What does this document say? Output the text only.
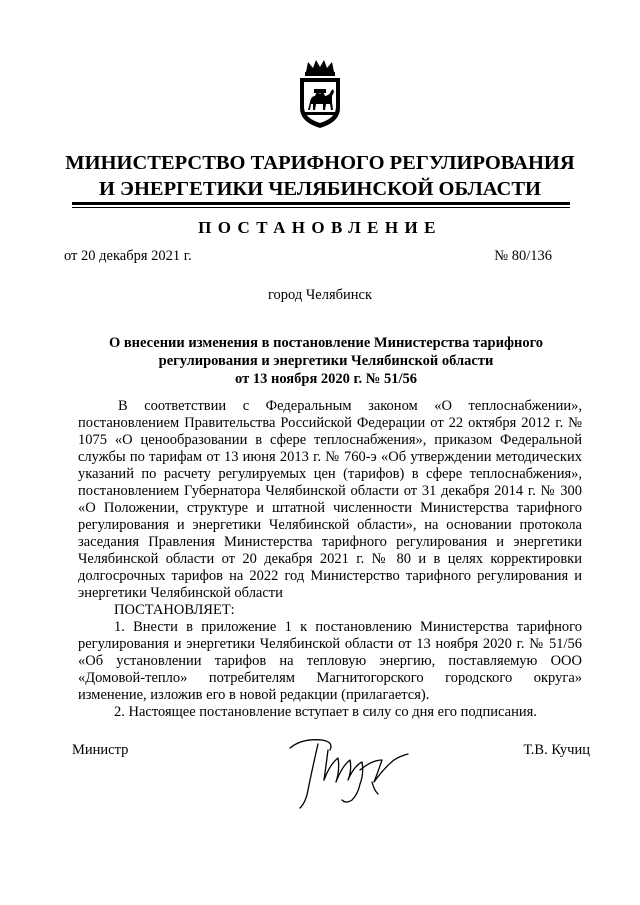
МИНИСТЕРСТВО ТАРИФНОГО РЕГУЛИРОВАНИЯ
И ЭНЕРГЕТИКИ ЧЕЛЯБИНСКОЙ ОБЛАСТИ
ПОСТАНОВЛЕНИЕ
от 20 декабря 2021 г.	№ 80/136
город Челябинск
О внесении изменения в постановление Министерства тарифного
регулирования и энергетики Челябинской области
от 13 ноября 2020 г. № 51/56

В соответствии с Федеральным законом «О теплоснабжении», постановлением Правительства Российской Федерации от 22 октября 2012 г. № 1075 «О ценообразовании в сфере теплоснабжения», приказом Федеральной службы по тарифам от 13 июня 2013 г. № 760-э «Об утверждении методических указаний по расчету регулируемых цен (тарифов) в сфере теплоснабжения», постановлением Губернатора Челябинской области от 31 декабря 2014 г. № 300 «О Положении, структуре и штатной численности Министерства тарифного регулирования и энергетики Челябинской области», на основании протокола заседания Правления Министерства тарифного регулирования и энергетики Челябинской области от 20 декабря 2021 г. № 80 и в целях корректировки долгосрочных тарифов на 2022 год Министерство тарифного регулирования и энергетики Челябинской области

ПОСТАНОВЛЯЕТ:

1. Внести в приложение 1 к постановлению Министерства тарифного регулирования и энергетики Челябинской области от 13 ноября 2020 г. № 51/56 «Об установлении тарифов на тепловую энергию, поставляемую ООО «Домовой-тепло» потребителям Магнитогорского городского округа» изменение, изложив его в новой редакции (прилагается).

2. Настоящее постановление вступает в силу со дня его подписания.

Министр	Т.В. Кучиц
